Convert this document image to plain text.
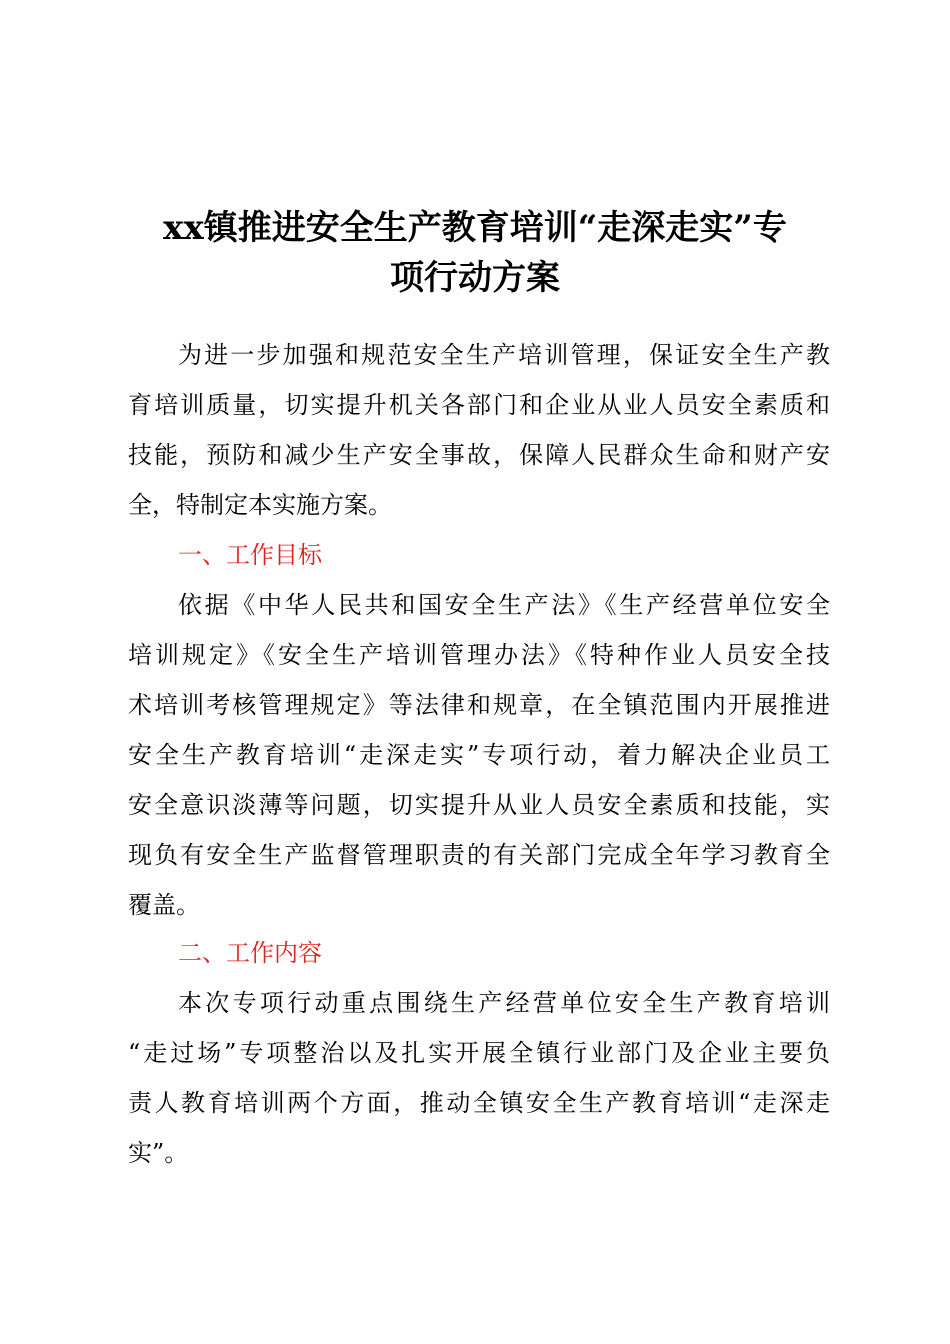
xx镇推进安全生产教育培训“走深走实”专
项行动方案
为进一步加强和规范安全生产培训管理，保证安全生产教
育培训质量，切实提升机关各部门和企业从业人员安全素质和
技能，预防和减少生产安全事故，保障人民群众生命和财产安
全，特制定本实施方案。
一、工作目标
依据《中华人民共和国安全生产法》《生产经营单位安全
培训规定》《安全生产培训管理办法》《特种作业人员安全技
术培训考核管理规定》等法律和规章，在全镇范围内开展推进
安全生产教育培训“走深走实”专项行动，着力解决企业员工
安全意识淡薄等问题，切实提升从业人员安全素质和技能，实
现负有安全生产监督管理职责的有关部门完成全年学习教育全
覆盖。
二、工作内容
本次专项行动重点围绕生产经营单位安全生产教育培训
“走过场”专项整治以及扎实开展全镇行业部门及企业主要负
责人教育培训两个方面，推动全镇安全生产教育培训“走深走
实”。
